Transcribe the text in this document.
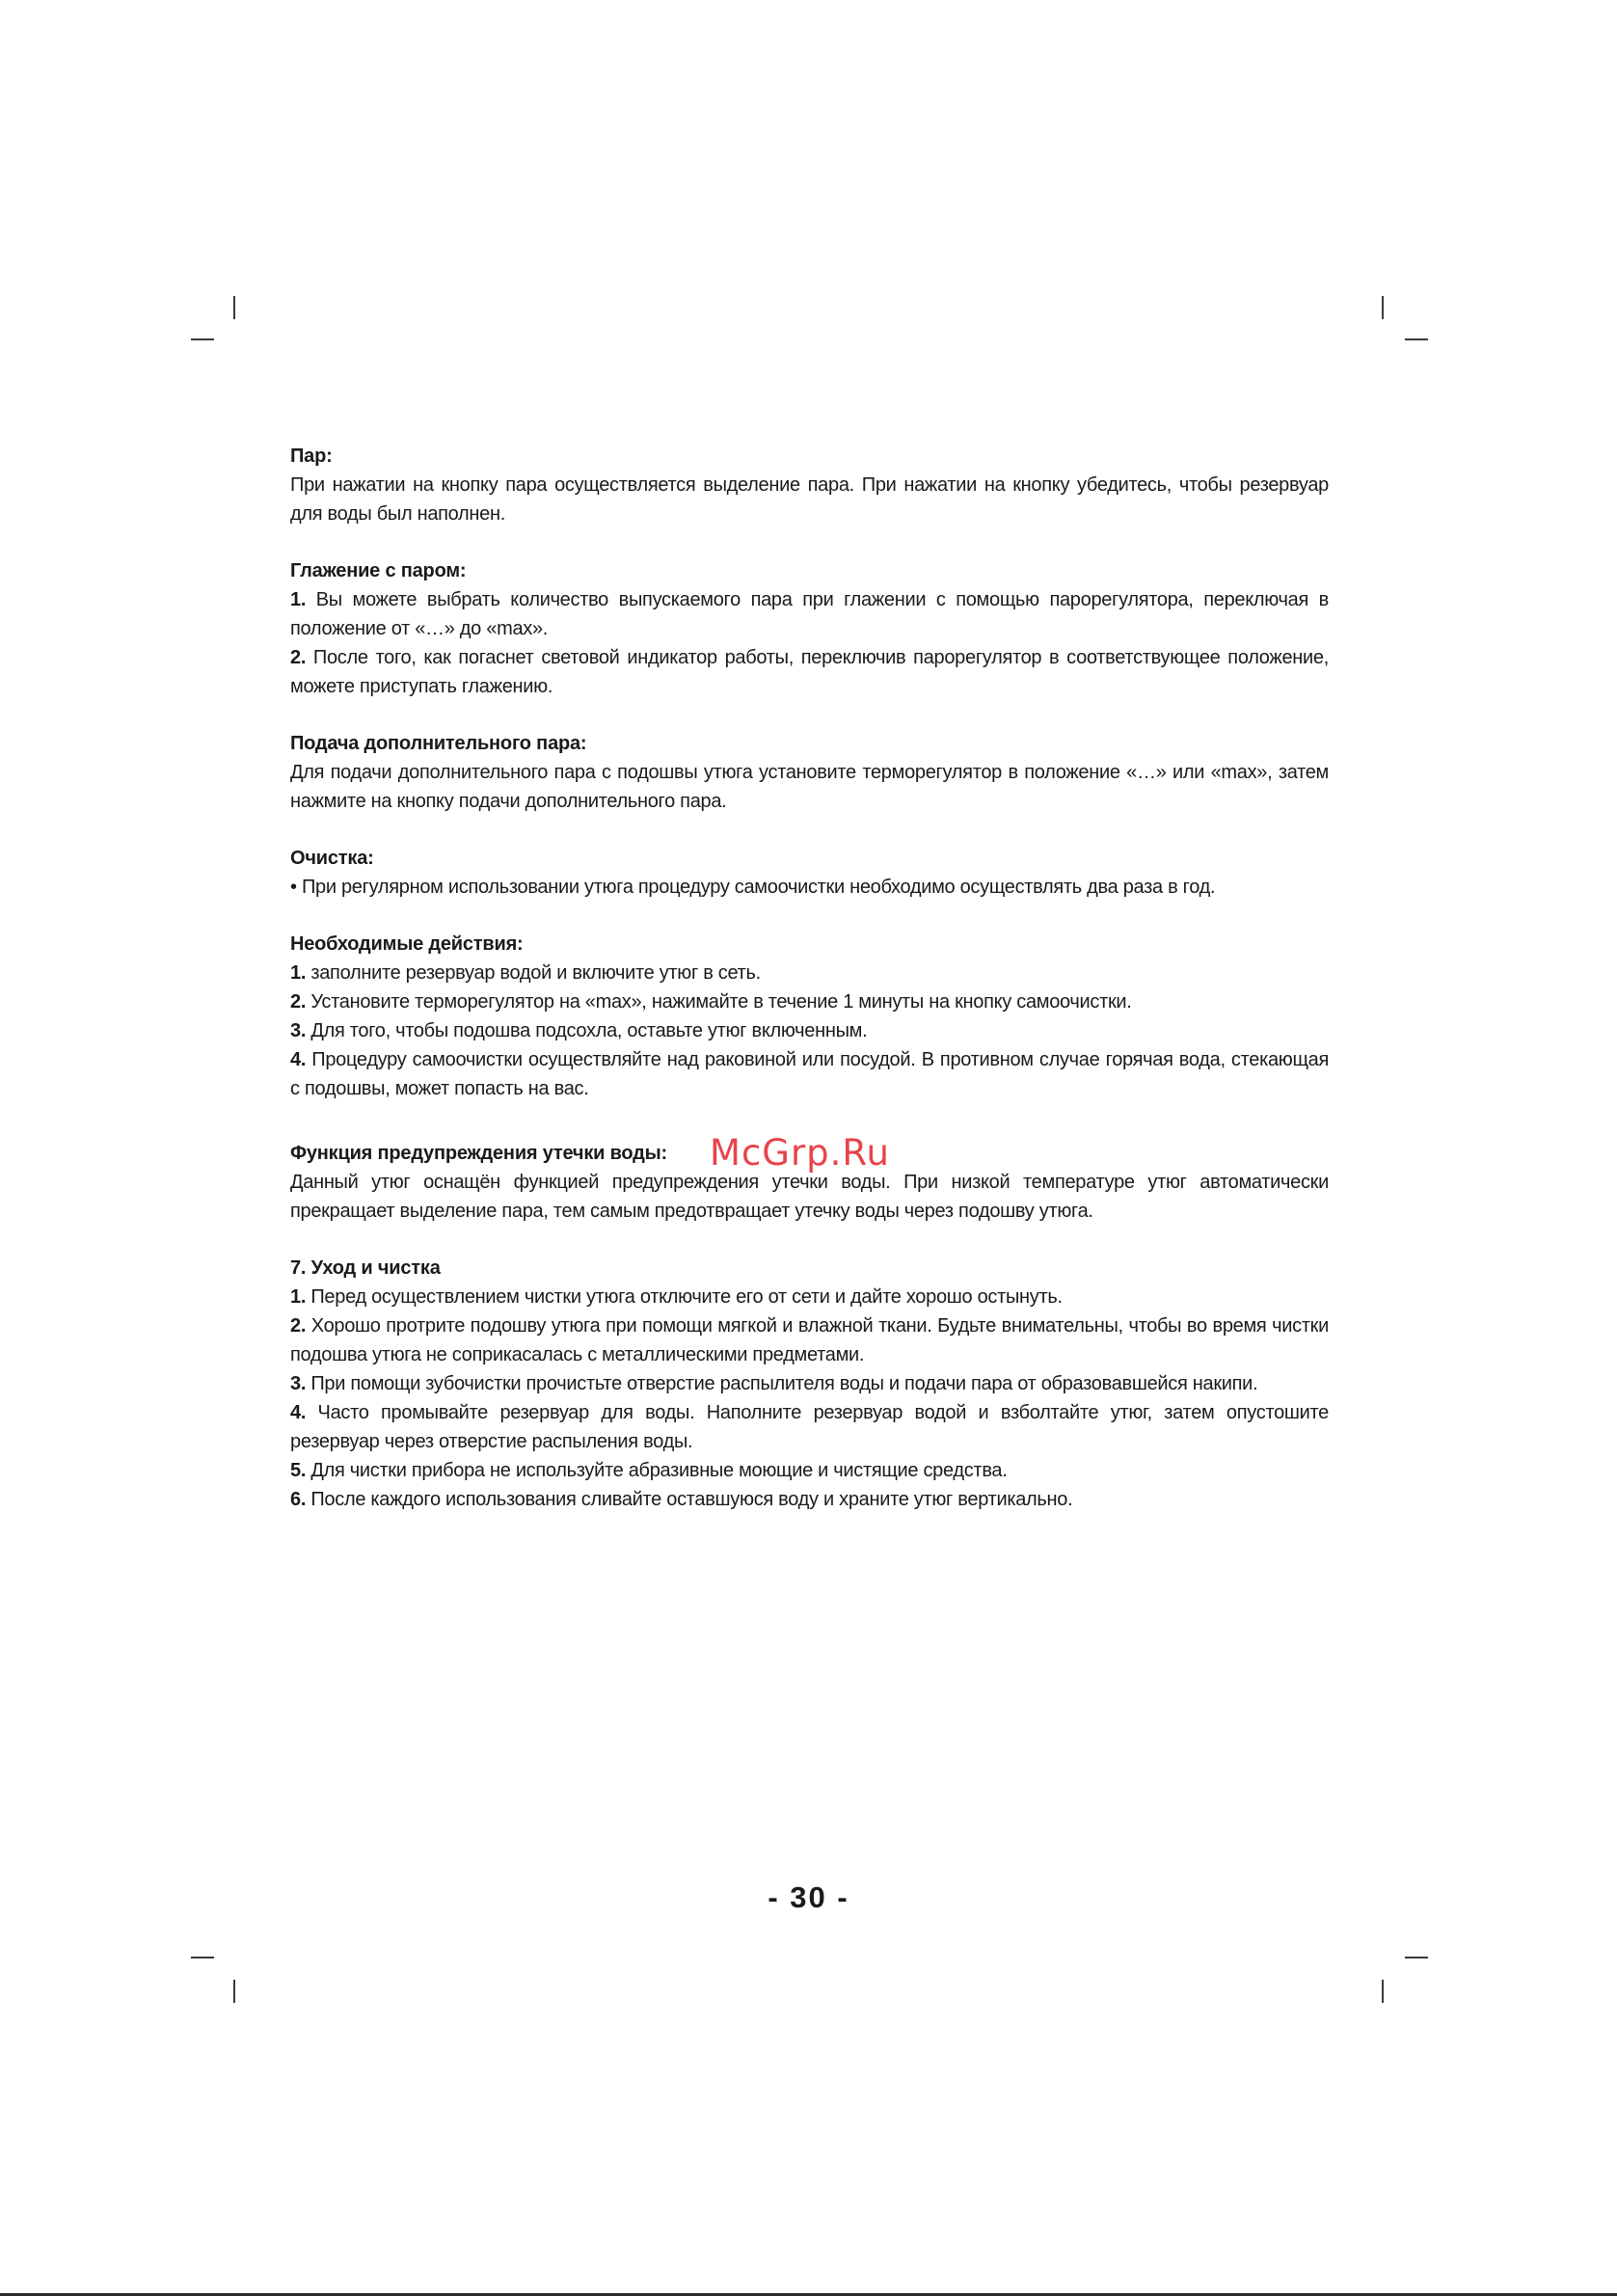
Пар:

При нажатии на кнопку пара осуществляется выделение пара. При нажатии на кнопку убедитесь, чтобы резервуар для воды был наполнен.

Глажение с паром:

1. Вы можете выбрать количество выпускаемого пара при глажении с помощью парорегулятора, переключая в положение от «…» до «max».

2. После того, как погаснет световой индикатор работы, переключив парорегулятор в соответствующее положение, можете приступать глажению.

Подача дополнительного пара:

Для подачи дополнительного пара с подошвы утюга установите терморегулятор в положение «…» или «max», затем нажмите на кнопку подачи дополнительного пара.

Очистка:

• При регулярном использовании утюга процедуру самоочистки необходимо осуществлять два раза в год.

Необходимые действия:

1. заполните резервуар водой и включите утюг в сеть.

2. Установите терморегулятор на «max», нажимайте в течение 1 минуты на кнопку самоочистки.

3. Для того, чтобы подошва подсохла, оставьте утюг включенным.

4. Процедуру самоочистки осуществляйте над раковиной или посудой. В противном случае горячая вода, стекающая с подошвы, может попасть на вас.

Функция предупреждения утечки воды: McGrp.Ru

Данный утюг оснащён функцией предупреждения утечки воды. При низкой температуре утюг автоматически прекращает выделение пара, тем самым предотвращает утечку воды через подошву утюга.

7. Уход и чистка

1. Перед осуществлением чистки утюга отключите его от сети и дайте хорошо остынуть.

2. Хорошо протрите подошву утюга при помощи мягкой и влажной ткани. Будьте внимательны, чтобы во время чистки подошва утюга не соприкасалась с металлическими предметами.

3. При помощи зубочистки прочистьте отверстие распылителя воды и подачи пара от образовавшейся накипи.

4. Часто промывайте резервуар для воды. Наполните резервуар водой и взболтайте утюг, затем опустошите резервуар через отверстие распыления воды.

5. Для чистки прибора не используйте абразивные моющие и чистящие средства.

6. После каждого использования сливайте оставшуюся воду и храните утюг вертикально.

- 30 -
